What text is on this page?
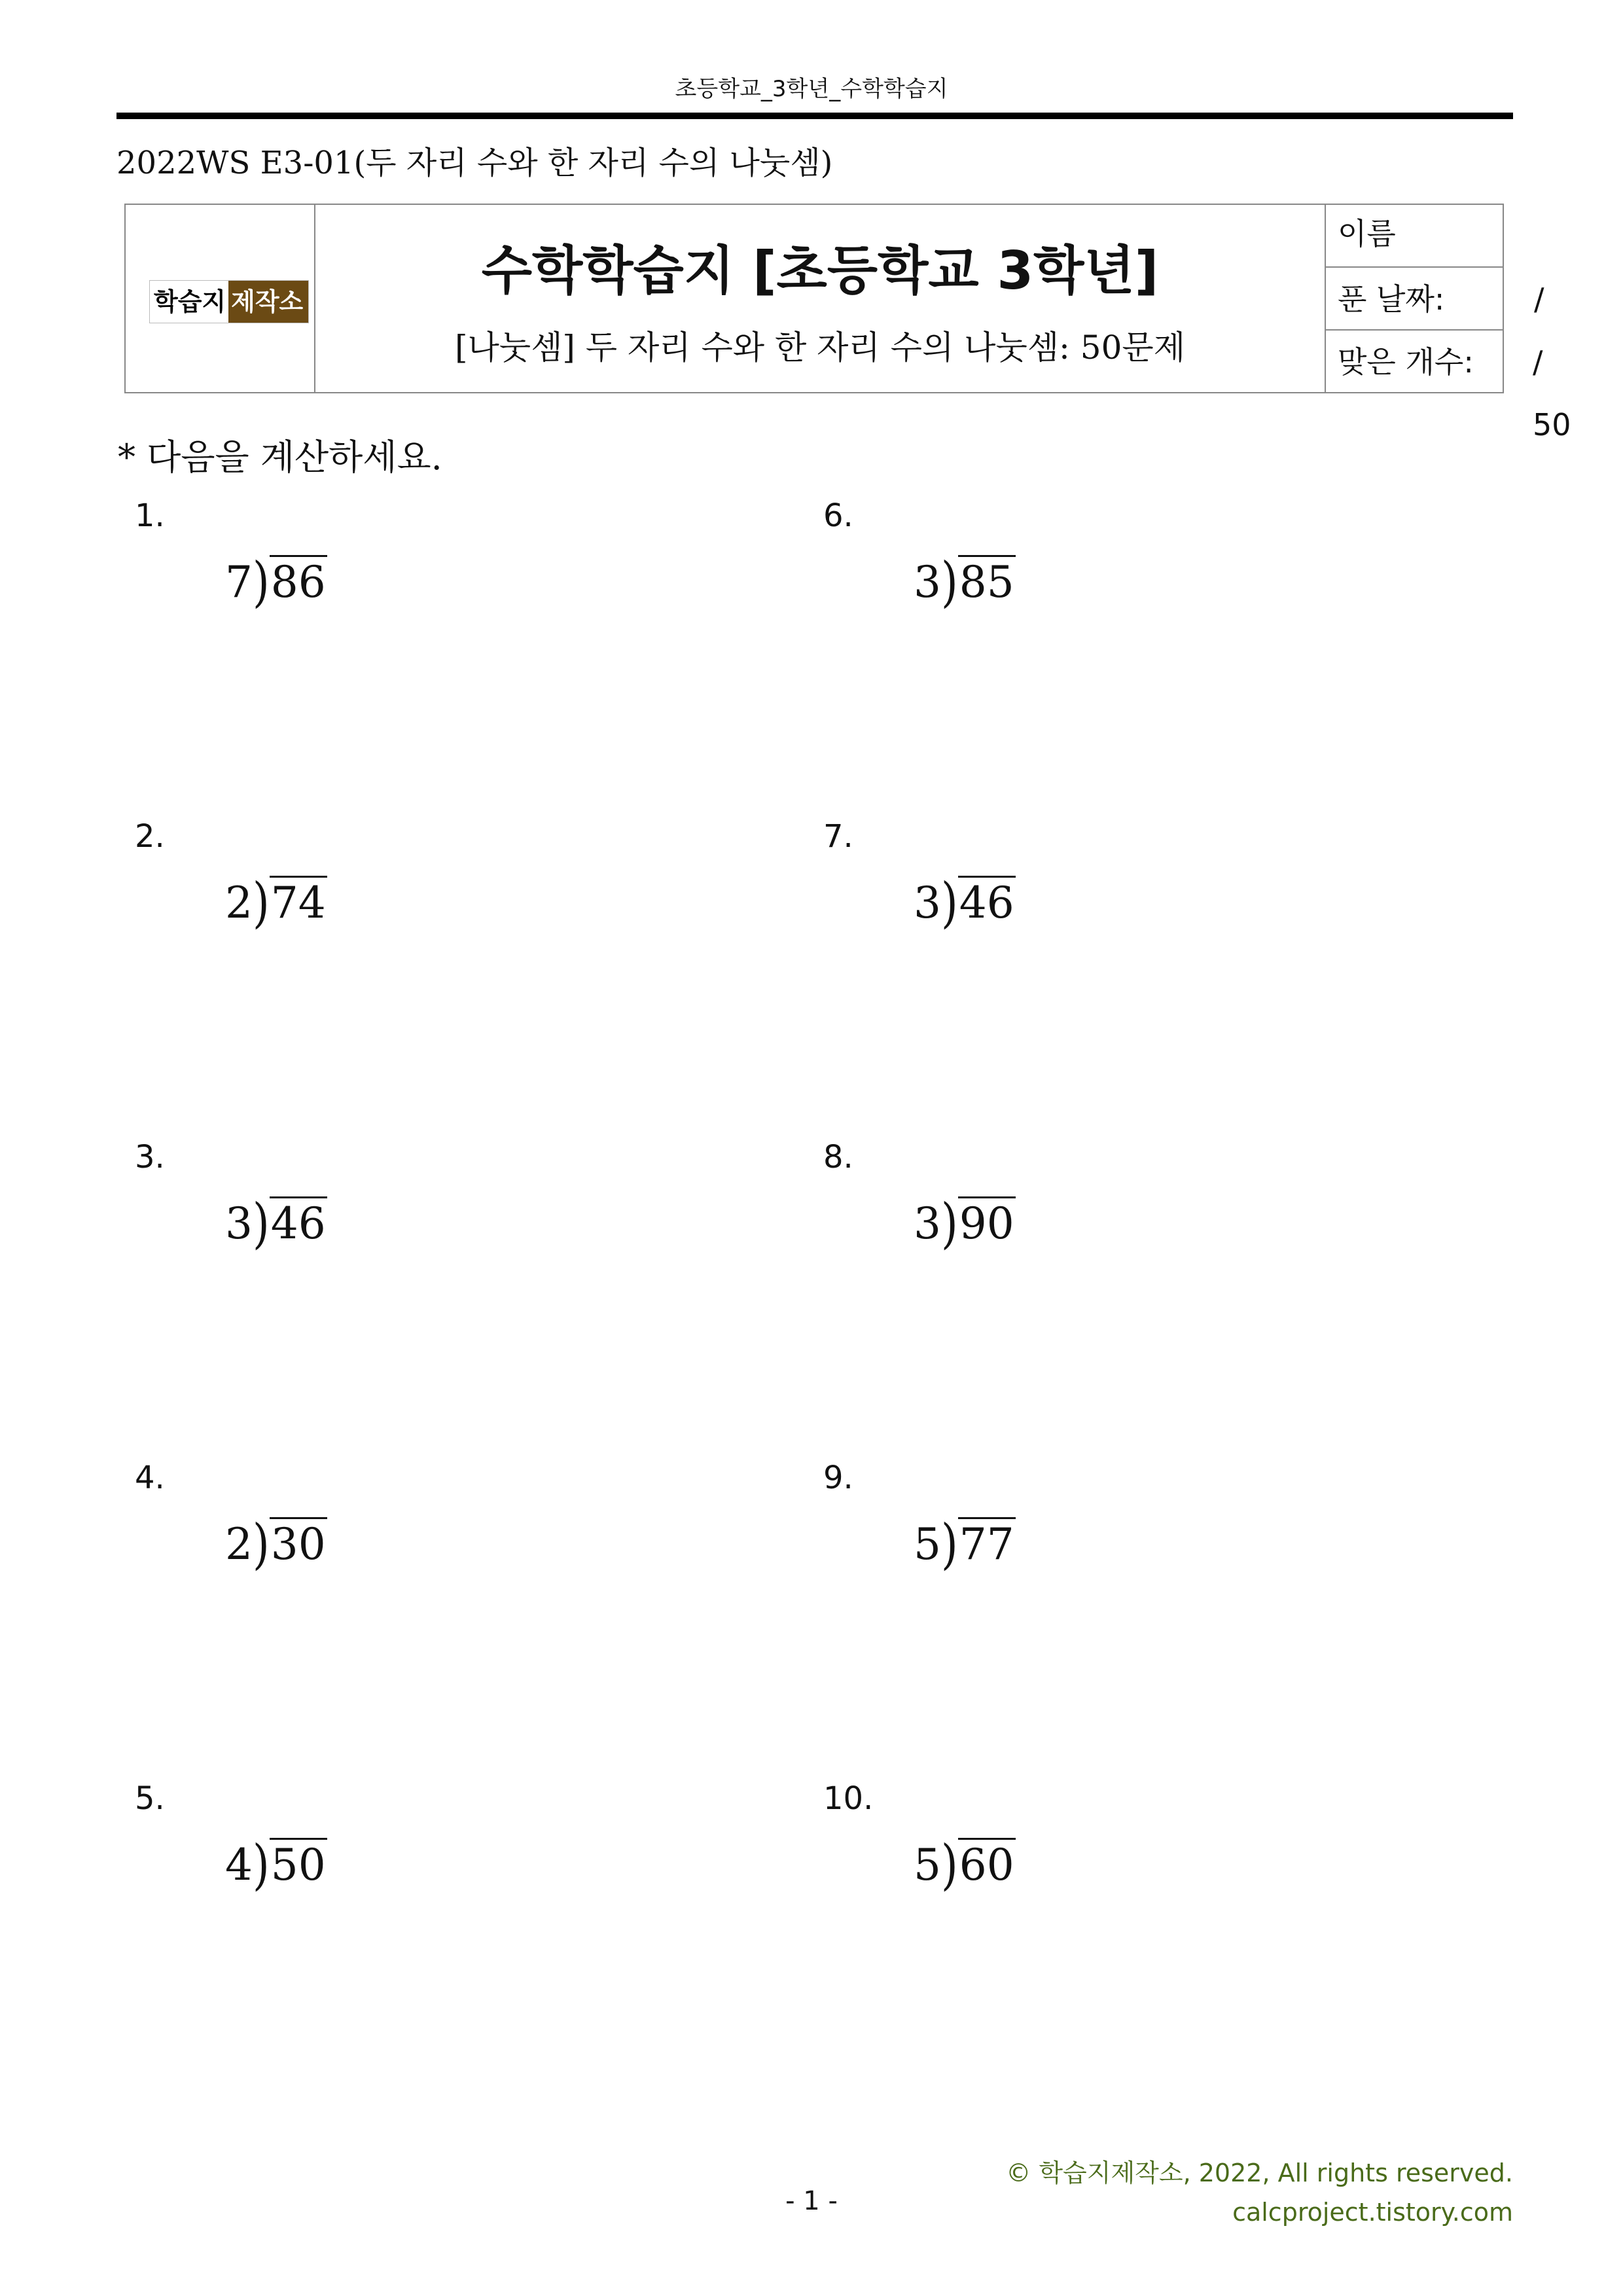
초등학교_3학년_수학학습지
2022WS E3-01(두 자리 수와 한 자리 수의 나눗셈)
학습지 제작소
수학학습지 [초등학교 3학년]
[나눗셈] 두 자리 수와 한 자리 수의 나눗셈: 50문제
이름
푼 날짜:	/
맞은 개수: / 50
* 다음을 계산하세요.
1.
7)86
2.
2)74
3.
3)46
4.
2)30
5.
4)50
6.
3)85
7.
3)46
8.
3)90
9.
5)77
10.
5)60
- 1 -
© 학습지제작소, 2022, All rights reserved.
calcproject.tistory.com
